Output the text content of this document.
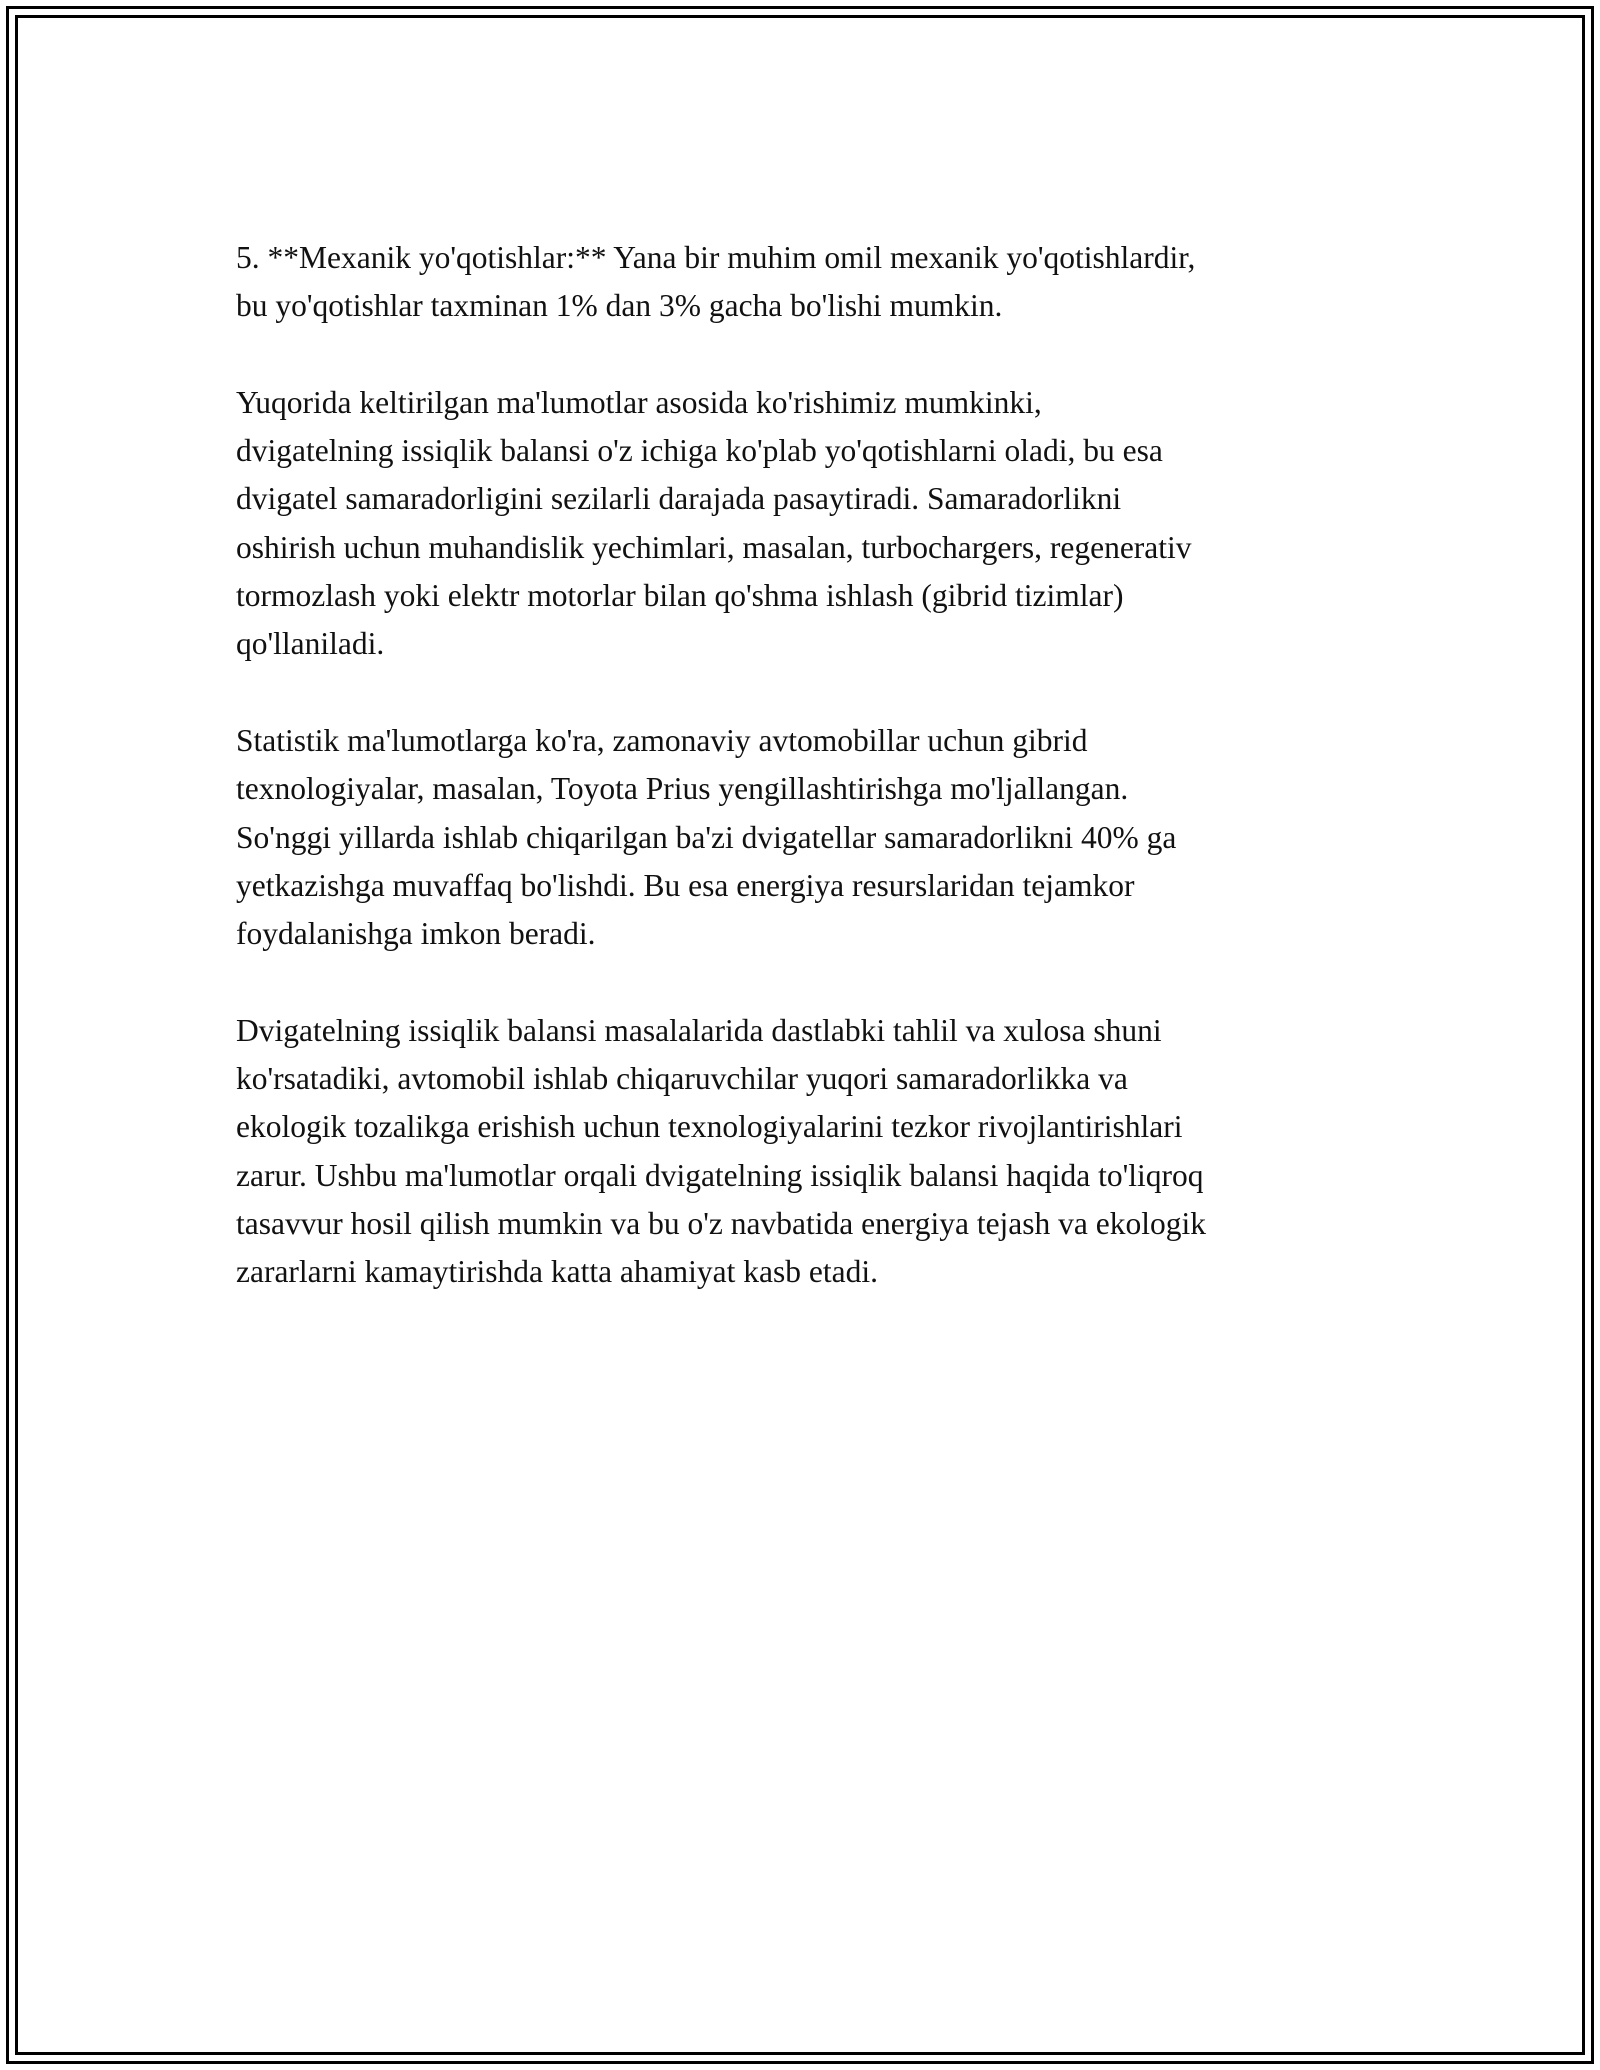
5. **Mexanik yo'qotishlar:** Yana bir muhim omil mexanik yo'qotishlardir,
bu yo'qotishlar taxminan 1% dan 3% gacha bo'lishi mumkin.

Yuqorida keltirilgan ma'lumotlar asosida ko'rishimiz mumkinki,
dvigatelning issiqlik balansi o'z ichiga ko'plab yo'qotishlarni oladi, bu esa
dvigatel samaradorligini sezilarli darajada pasaytiradi. Samaradorlikni
oshirish uchun muhandislik yechimlari, masalan, turbochargers, regenerativ
tormozlash yoki elektr motorlar bilan qo'shma ishlash (gibrid tizimlar)
qo'llaniladi.

Statistik ma'lumotlarga ko'ra, zamonaviy avtomobillar uchun gibrid
texnologiyalar, masalan, Toyota Prius yengillashtirishga mo'ljallangan.
So'nggi yillarda ishlab chiqarilgan ba'zi dvigatellar samaradorlikni 40% ga
yetkazishga muvaffaq bo'lishdi. Bu esa energiya resurslaridan tejamkor
foydalanishga imkon beradi.

Dvigatelning issiqlik balansi masalalarida dastlabki tahlil va xulosa shuni
ko'rsatadiki, avtomobil ishlab chiqaruvchilar yuqori samaradorlikka va
ekologik tozalikga erishish uchun texnologiyalarini tezkor rivojlantirishlari
zarur. Ushbu ma'lumotlar orqali dvigatelning issiqlik balansi haqida to'liqroq
tasavvur hosil qilish mumkin va bu o'z navbatida energiya tejash va ekologik
zararlarni kamaytirishda katta ahamiyat kasb etadi.
